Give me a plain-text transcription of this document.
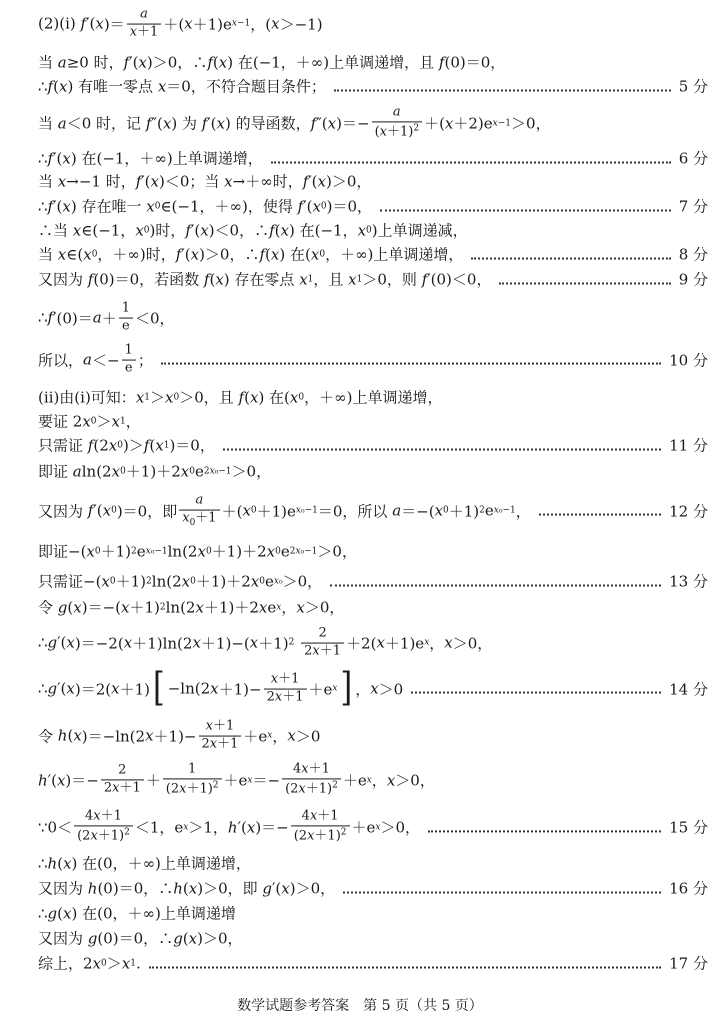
(2)(ⅰ) f ′( x )＝ $\frac{a}{x+1}$ ＋( x ＋1)e x−1 ，( x ＞−1)
当 a ≥0 时， f ′( x )＞0，∴ f ( x ) 在(−1，＋∞)上单调递增，且 f (0)＝0，
∴ f ( x ) 有唯一零点 x ＝0，不符合题目条件；	5 分
当 a ＜0 时，记 f ″( x ) 为 f ′( x ) 的导函数， f ″( x )＝− $\frac{a}{(x+1)^2}$ ＋( x ＋2)e x−1 ＞0，
∴ f ′( x ) 在(−1，＋∞)上单调递增，	6 分
当 x →−1 时， f ′( x )＜0；当 x →＋∞时， f ′( x )＞0，
∴ f ′( x ) 存在唯一 x 0 ∈(−1，＋∞)，使得 f ′( x 0 )＝0，	7 分
∴当 x ∈(−1， x 0 )时， f ′( x )＜0，∴ f ( x ) 在(−1， x 0 )上单调递减，
当 x ∈( x 0 ，＋∞)时， f ′( x )＞0，∴ f ( x ) 在( x 0 ，＋∞)上单调递增，	8 分
又因为 f (0)＝0，若函数 f ( x ) 存在零点 x 1 ，且 x 1 ＞0，则 f ′(0)＜0，	9 分
∴ f $'(0)= a + \frac{1}{e} <0$，
所以， $a <- \frac{1}{e}$ ；	10 分
(ⅱ)由(ⅰ)可知： x 1 ＞ x 0 ＞0，且 f ( x ) 在( x 0 ，＋∞)上单调递增，
要证 2 x 0 ＞ x 1 ，
只需证 f (2 x 0 )＞ f ( x 1 )＝0，	11 分
即证 a ln(2 x 0 ＋1)＋2 x 0 e 2x₀−1 ＞0，
又因为 f ′( x 0 )＝0，即 $\frac{a}{x_0+1}$ ＋( x 0 ＋1)e x₀−1 ＝0，所以 a ＝−( x 0 ＋1) 2 e x₀−1 ，	12 分
即证−( x 0 ＋1) 2 e x₀−1 ln(2 x 0 ＋1)＋2 x 0 e 2x₀−1 ＞0，
只需证−( x 0 ＋1) 2 ln(2 x 0 ＋1)＋2 x 0 e x₀ ＞0，	13 分
令 g ( x )＝−( x ＋1) 2 ln(2 x ＋1)＋2 x e x ， x ＞0，
∴ g ′( x )＝−2( x ＋1)ln(2 x ＋1)−( x ＋1) 2
$\frac{2}{2x+1} +2$( x ＋1)e x ， x ＞0，
∴ g ′( x )＝2( x ＋1) [ −ln(2 $x +1)- \frac{x+1}{2x+1} +e$ x ] ， x ＞0	14 分
令 h ( x )＝−ln(2 $x +1)- \frac{x+1}{2x+1} +e$ x ， x ＞0
h ′( x )＝− $\frac{2}{2x+1} + \frac{1}{(2x+1)^2} +e$ $x =- \frac{4x+1}{(2x+1)^2} +e$ x ， x ＞0，
∵0＜ $\frac{4x+1}{(2x+1)^2} <1$，e x ＞1， h ′( x )＝− $\frac{4x+1}{(2x+1)^2} +e$ x ＞0，	15 分
∴ h ( x ) 在(0，＋∞)上单调递增，
又因为 h (0)＝0，∴ h ( x )＞0，即 g ′( x )＞0，	16 分
∴ g ( x ) 在(0，＋∞)上单调递增
又因为 g (0)＝0，∴ g ( x )＞0，
综上，2 x 0 ＞ x 1 .	17 分
数学试题参考答案　第 5 页（共 5 页）
